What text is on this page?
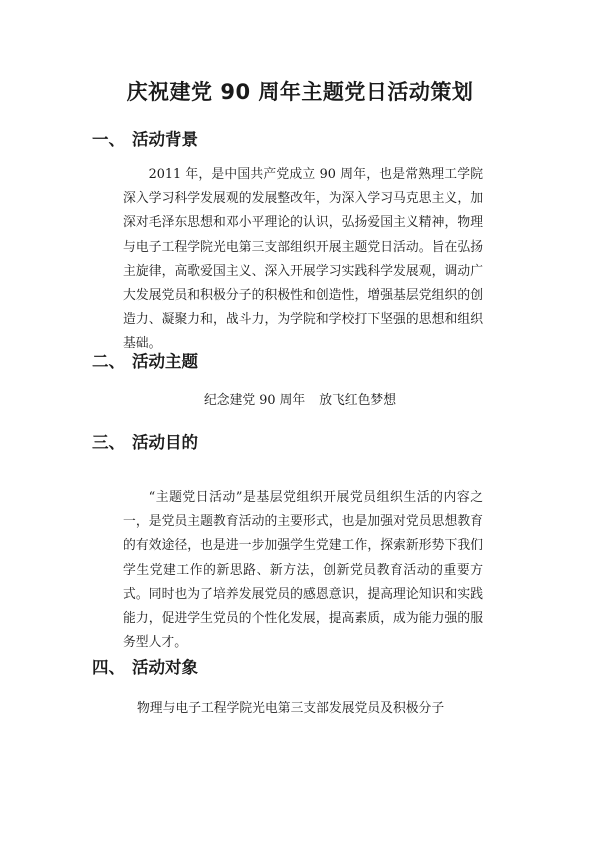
庆祝建党 90 周年主题党日活动策划
一、 活动背景

2011 年，是中国共产党成立 90 周年，也是常熟理工学院深入学习科学发展观的发展整改年，为深入学习马克思主义，加深对毛泽东思想和邓小平理论的认识，弘扬爱国主义精神，物理与电子工程学院光电第三支部组织开展主题党日活动。旨在弘扬主旋律，高歌爱国主义、深入开展学习实践科学发展观，调动广大发展党员和积极分子的积极性和创造性，增强基层党组织的创造力、凝聚力和，战斗力，为学院和学校打下坚强的思想和组织基础。

二、 活动主题

纪念建党 90 周年 放飞红色梦想

三、 活动目的

“主题党日活动”是基层党组织开展党员组织生活的内容之一，是党员主题教育活动的主要形式，也是加强对党员思想教育的有效途径，也是进一步加强学生党建工作，探索新形势下我们学生党建工作的新思路、新方法，创新党员教育活动的重要方式。同时也为了培养发展党员的感恩意识，提高理论知识和实践能力，促进学生党员的个性化发展，提高素质，成为能力强的服务型人才。

四、 活动对象

物理与电子工程学院光电第三支部发展党员及积极分子
